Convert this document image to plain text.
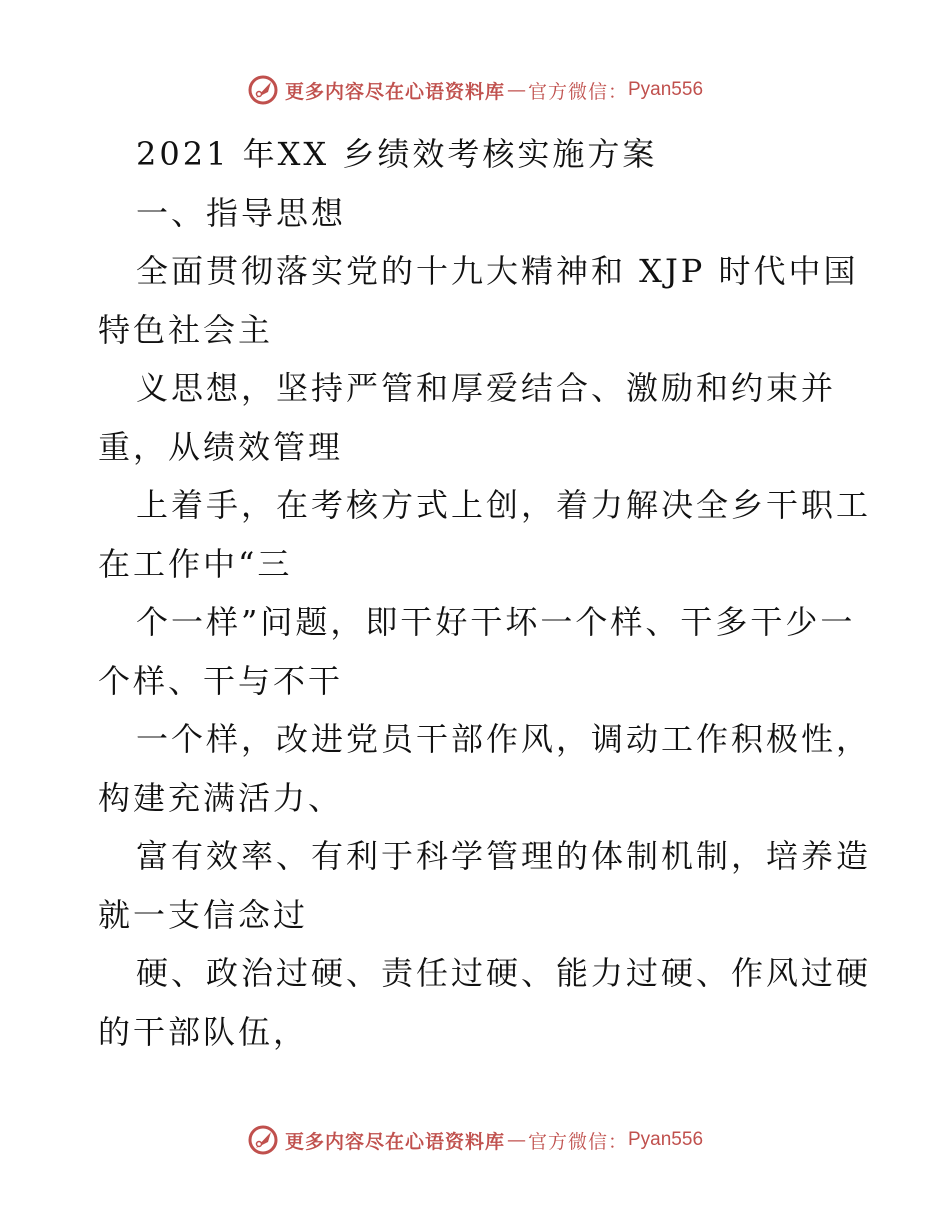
更多内容尽在心语资料库 — 官方微信： Pyan556
2021 年XX 乡绩效考核实施方案
一、指导思想
全面贯彻落实党的十九大精神和 XJP 时代中国
特色社会主
义思想，坚持严管和厚爱结合、激励和约束并
重，从绩效管理
上着手，在考核方式上创，着力解决全乡干职工
在工作中“三
个一样”问题，即干好干坏一个样、干多干少一
个样、干与不干
一个样，改进党员干部作风，调动工作积极性，
构建充满活力、
富有效率、有利于科学管理的体制机制，培养造
就一支信念过
硬、政治过硬、责任过硬、能力过硬、作风过硬
的干部队伍，
更多内容尽在心语资料库 — 官方微信： Pyan556
